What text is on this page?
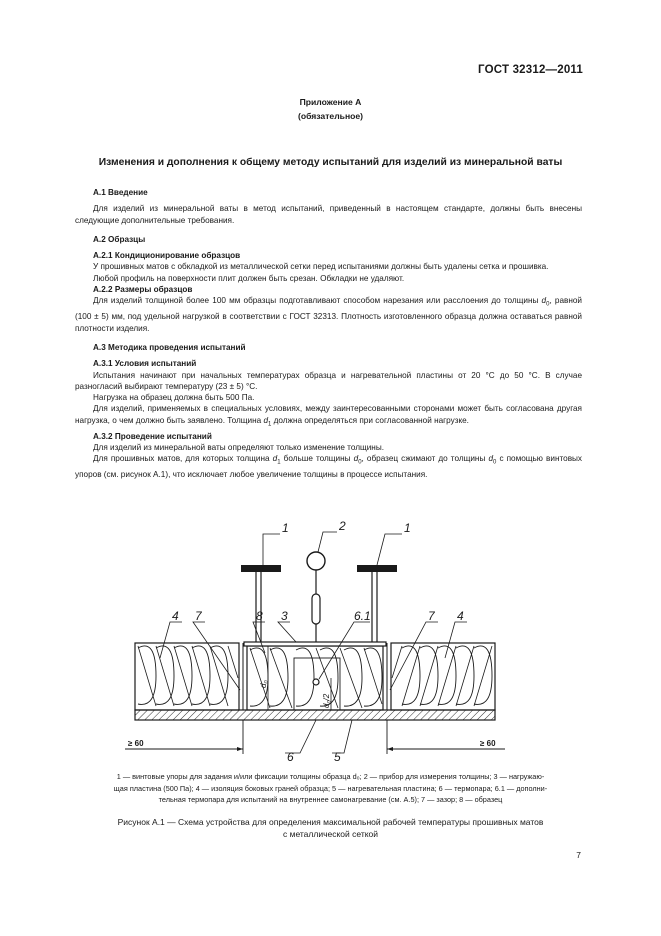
ГОСТ 32312—2011
Приложение А
(обязательное)
Изменения и дополнения к общему методу испытаний для изделий из минеральной ваты

А.1 Введение

Для изделий из минеральной ваты в метод испытаний, приведенный в настоящем стандарте, должны быть внесены следующие дополнительные требования.

А.2 Образцы

А.2.1 Кондиционирование образцов

У прошивных матов с обкладкой из металлической сетки перед испытаниями должны быть удалены сетка и прошивка.

Любой профиль на поверхности плит должен быть срезан. Обкладки не удаляют.

А.2.2 Размеры образцов

Для изделий толщиной более 100 мм образцы подготавливают способом нарезания или расслоения до толщины $d_0$, равной (100 ± 5) мм, под удельной нагрузкой в соответствии с ГОСТ 32313. Плотность изготовленного образца должна оставаться равной плотности изделия.

А.3 Методика проведения испытаний

А.3.1 Условия испытаний

Испытания начинают при начальных температурах образца и нагревательной пластины от 20 °С до 50 °С. В случае разногласий выбирают температуру (23 ± 5) °С.

Нагрузка на образец должна быть 500 Па.

Для изделий, применяемых в специальных условиях, между заинтересованными сторонами может быть согласована другая нагрузка, о чем должно быть заявлено. Толщина $d_1$ должна определяться при согласованной нагрузке.

А.3.2 Проведение испытаний

Для изделий из минеральной ваты определяют только изменение толщины.

Для прошивных матов, для которых толщина $d_1$ больше толщины $d_0$, образец сжимают до толщины $d_0$ с помощью винтовых упоров (см. рисунок А.1), что исключает любое увеличение толщины в процессе испытания.

1	2	1
4 7	8 3	6.1	7 4
6	5
$d_0$
$d_0/2$
≥ 60	≥ 60
1 — винтовые упоры для задания и/или фиксации толщины образца d₀; 2 — прибор для измерения толщины; 3 — нагружаю-
щая пластина (500 Па); 4 — изоляция боковых граней образца; 5 — нагревательная пластина; 6 — термопара; 6.1 — дополни-
тельная термопара для испытаний на внутреннее самонагревание (см. А.5); 7 — зазор; 8 — образец
Рисунок А.1 — Схема устройства для определения максимальной рабочей температуры прошивных матов
с металлической сеткой
7
